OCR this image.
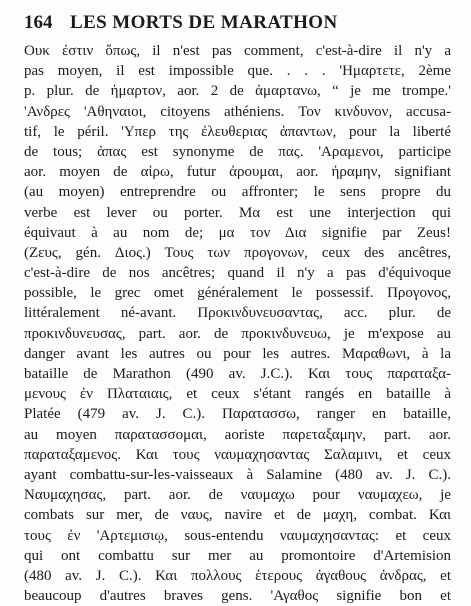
164 LES MORTS DE MARATHON
Ουκ ἐστιν ὅπως, il n'est pas comment, c'est-à-dire il n'y a
pas moyen, il est impossible que. . . . 'Ημαρτετε, 2ème
p. plur. de ἡμαρτον, aor. 2 de ἁμαρτανω, “ je me trompe.'
'Ανδρες 'Αθηναιοι, citoyens athéniens. Τον κινδυνον, accusa-
tif, le péril. 'Υπερ της ἐλευθεριας ἁπαντων, pour la liberté
de tous; ἁπας est synonyme de πας. 'Αραμενοι, participe
aor. moyen de αἰρω, futur ἀρουμαι, aor. ἠραμην, signifiant
(au moyen) entreprendre ou affronter; le sens propre du
verbe est lever ou porter. Μα est une interjection qui
équivaut à au nom de; μα τον Δια signifie par Zeus!
(Ζευς, gén. Διος.) Τους των προγονων, ceux des ancêtres,
c'est-à-dire de nos ancêtres; quand il n'y a pas d'équivoque
possible, le grec omet généralement le possessif. Προγονος,
littéralement né-avant. Προκινδυνευσαντας, acc. plur. de
προκινδυνευσας, part. aor. de προκινδυνευω, je m'expose au
danger avant les autres ou pour les autres. Μαραθωνι, à la
bataille de Marathon (490 av. J.C.). Και τους παραταξα-
μενους ἐν Πλαταιαις, et ceux s'étant rangés en bataille à
Platée (479 av. J. C.). Παρατασσω, ranger en bataille,
au moyen παρατασσομαι, aoriste παρεταξαμην, part. aor.
παραταξαμενος. Και τους ναυμαχησαντας Σαλαμινι, et ceux
ayant combattu-sur-les-vaisseaux à Salamine (480 av. J. C.).
Ναυμαχησας, part. aor. de ναυμαχω pour ναυμαχεω, je
combats sur mer, de ναυς, navire et de μαχη, combat. Και
τους ἐν 'Αρτεμισιῳ, sous-entendu ναυμαχησαντας: et ceux
qui ont combattu sur mer au promontoire d'Artemision
(480 av. J. C.). Και πολλους ἑτερους ἀγαθους ἀνδρας, et
beaucoup d'autres braves gens. 'Αγαθος signifie bon et
